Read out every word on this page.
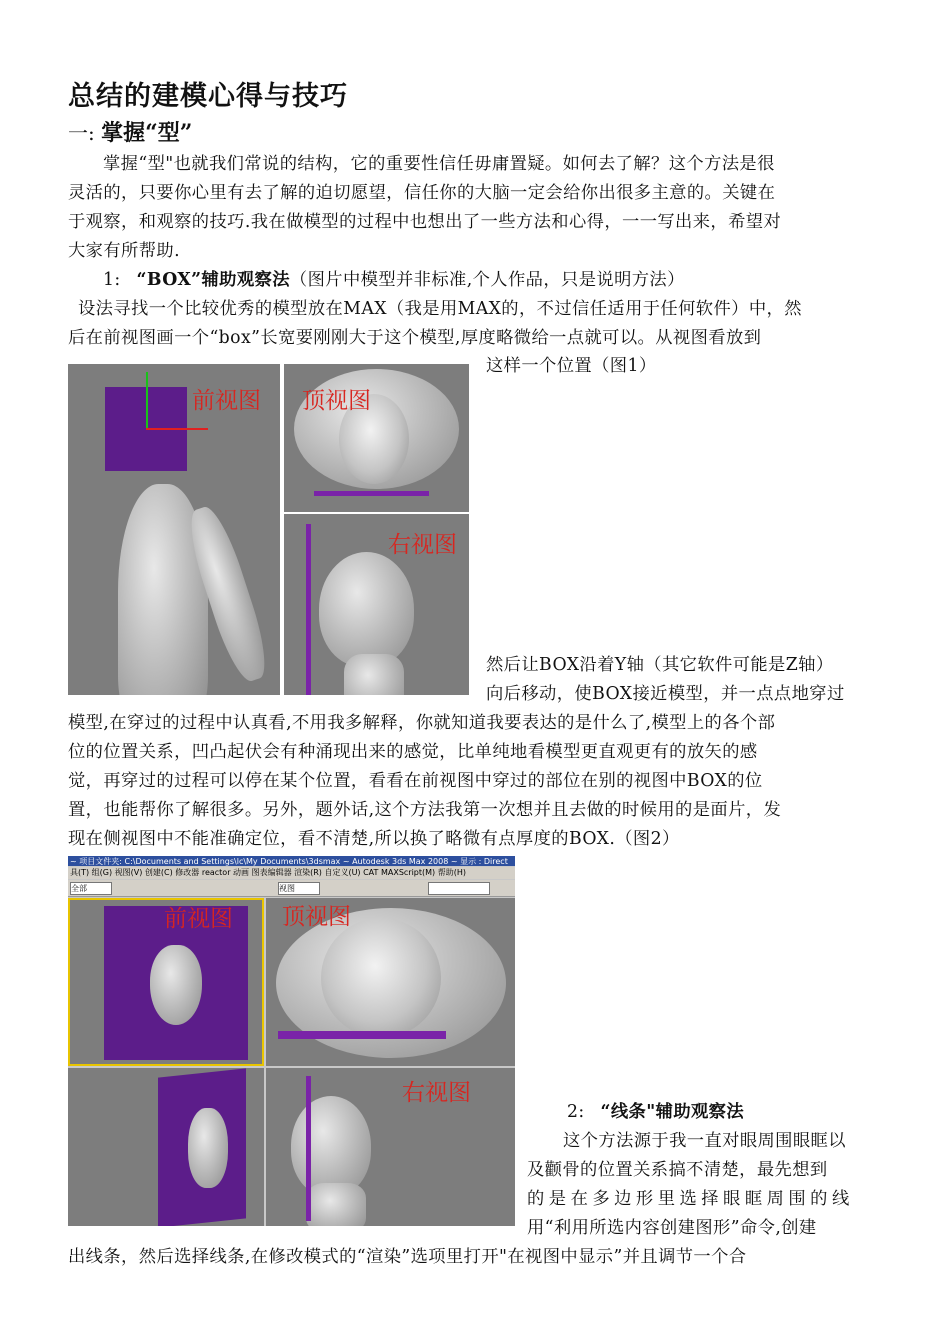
总结的建模心得与技巧
一: 掌握“型”
掌握“型"也就我们常说的结构，它的重要性信任毋庸置疑。如何去了解？这个方法是很
灵活的，只要你心里有去了解的迫切愿望，信任你的大脑一定会给你出很多主意的。关键在
于观察，和观察的技巧.我在做模型的过程中也想出了一些方法和心得，一一写出来，希望对
大家有所帮助.
1: “BOX”辅助观察法（图片中模型并非标准,个人作品，只是说明方法）
设法寻找一个比较优秀的模型放在MAX（我是用MAX的，不过信任适用于任何软件）中，然
后在前视图画一个“box”长宽要刚刚大于这个模型,厚度略微给一点就可以。从视图看放到
这样一个位置（图1）
然后让BOX沿着Y轴（其它软件可能是Z轴）
向后移动，使BOX接近模型，并一点点地穿过
模型,在穿过的过程中认真看,不用我多解释，你就知道我要表达的是什么了,模型上的各个部
位的位置关系，凹凸起伏会有种涌现出来的感觉，比单纯地看模型更直观更有的放矢的感
觉，再穿过的过程可以停在某个位置，看看在前视图中穿过的部位在别的视图中BOX的位
置，也能帮你了解很多。另外，题外话,这个方法我第一次想并且去做的时候用的是面片，发
现在侧视图中不能准确定位，看不清楚,所以换了略微有点厚度的BOX.（图2）
前视图 顶视图
右视图
~ 项目文件夹: C:\Documents and Settings\lc\My Documents\3dsmax ~ Autodesk 3ds Max 2008 ~ 显示 : Direct
具(T) 组(G) 视图(V) 创建(C) 修改器 reactor 动画 图表编辑器 渲染(R) 自定义(U) CAT MAXScript(M) 帮助(H)
全部	视图
前视图 顶视图
右视图
2: “线条"辅助观察法
这个方法源于我一直对眼周围眼眶以
及颧骨的位置关系搞不清楚，最先想到
的是在多边形里选择眼眶周围的线
用“利用所选内容创建图形”命令,创建
出线条，然后选择线条,在修改模式的“渲染”选项里打开"在视图中显示”并且调节一个合
